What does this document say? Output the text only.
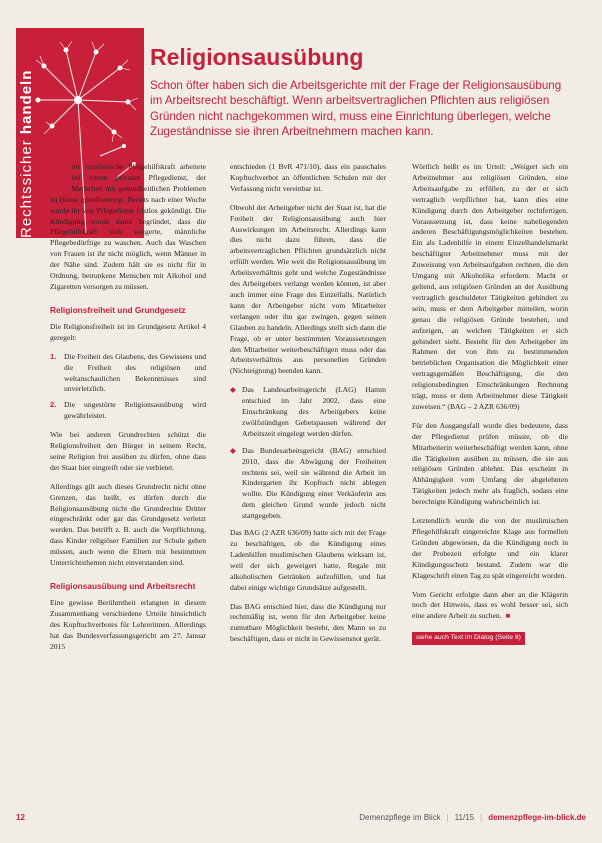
Rechtssicher handeln
Religionsausübung

Schon öfter haben sich die Arbeitsgerichte mit der Frage der Religionsausübung im Arbeitsrecht beschäftigt. Wenn arbeitsvertraglichen Pflichten aus religiösen Gründen nicht nachgekommen wird, muss eine Einrichtung überlegen, welche Zugeständnisse sie ihren Arbeitnehmern machen kann.

Eine muslimische Pflegehilfskraft arbeitete bei einem privaten Pflegedienst, der Menschen mit gesundheitlichen Problemen zu Hause grundversorgt. Bereits nach einer Woche wurde ihr von Pflegedienst fristlos gekündigt. Die Kündigung wurde damit begründet, dass die Pflegehilfskraft sich weigerte, männliche Pflegebedürftige zu waschen. Auch das Waschen von Frauen ist ihr nicht möglich, wenn Männer in der Nähe sind. Zudem hält sie es nicht für in Ordnung, betrunkene Menschen mit Alkohol und Zigaretten versorgen zu müssen.

Religionsfreiheit und Grundgesetz

Die Religionsfreiheit ist im Grundgesetz Artikel 4 geregelt:

1.	Die Freiheit des Glaubens, des Gewissens und die Freiheit des religiösen und weltanschaulichen Bekenntnisses sind unverletzlich.
2.	Die ungestörte Religionsausübung wird gewährleistet.

Wie bei anderen Grundrechten schützt die Religionsfreiheit den Bürger in seinem Recht, seine Religion frei ausüben zu dürfen, ohne dass der Staat hier eingreift oder sie verbietet.

Allerdings gilt auch dieses Grundrecht nicht ohne Grenzen, das heißt, es dürfen durch die Religionsausübung nicht die Grundrechte Dritter eingeschränkt oder gar das Grundgesetz verletzt werden. Das betrifft z. B. auch die Verpflichtung, dass Kinder religiöser Familien zur Schule gehen müssen, auch wenn die Eltern mit bestimmten Unterrichtsthemen nicht einverstanden sind.

Religionsausübung und Arbeitsrecht

Eine gewisse Berühmtheit erlangten in diesem Zusammenhang verschiedene Urteile hinsichtlich des Kopftuchverbotes für Lehrerinnen. Allerdings hat das Bundesverfassungsgericht am 27. Januar 2015

entschieden (1 BvR 471/10), dass ein pauschales Kopftuchverbot an öffentlichen Schulen mit der Verfassung nicht vereinbar ist.

Obwohl der Arbeitgeber nicht der Staat ist, hat die Freiheit der Religionsausübung auch hier Auswirkungen im Arbeitsrecht. Allerdings kann dies nicht dazu führen, dass die arbeitsvertraglichen Pflichten grundsätzlich nicht erfüllt werden. Wie weit die Religionsausübung im Arbeitsverhältnis geht und welche Zugeständnisse des Arbeitgebers verlangt werden können, ist aber auch immer eine Frage des Einzelfalls. Natürlich kann der Arbeitgeber nicht vom Mitarbeiter verlangen oder ihn gar zwingen, gegen seinen Glauben zu handeln. Allerdings stellt sich dann die Frage, ob er unter bestimmten Voraussetzungen den Mitarbeiter weiterbeschäftigen muss oder das Arbeitsverhältnis aus personellen Gründen (Nichteignung) beenden kann.

◆ Das Landesarbeitsgericht (LAG) Hamm entschied im Jahr 2002, dass eine Einschränkung des Arbeitgebers keine zwölfstündigen Gebetspausen während der Arbeitszeit eingelegt werden dürfen.
◆ Das Bundesarbeitsgericht (BAG) entschied 2010, dass die Abwägung der Freiheiten rechtens sei, weil sie während die Arbeit im Kindergarten ihr Kopftuch nicht ablegen wollte. Die Kündigung einer Verkäuferin aus dem gleichen Grund wurde jedoch nicht stattgegeben.

Das BAG (2 AZR 636/09) hatte sich mit der Frage zu beschäftigen, ob die Kündigung eines Ladenhilfen muslimischen Glaubens wirksam ist, weil der sich geweigert hatte, Regale mit alkoholischen Getränken aufzufüllen, und hat dabei einige wichtige Grundsätze aufgestellt.

Das BAG entschied hier, dass die Kündigung nur rechtmäßig ist, wenn für den Arbeitgeber keine zumutbare Möglichkeit besteht, den Mann so zu beschäftigen, dass er nicht in Gewissensnot gerät.

Wörtlich heißt es im Urteil: „Weigert sich ein Arbeitnehmer aus religiösen Gründen, eine Arbeitsaufgabe zu erfüllen, zu der er sich vertraglich verpflichtet hat, kann dies eine Kündigung durch den Arbeitgeber rechtfertigen. Voraussetzung ist, dass keine naheliegenden anderen Beschäftigungsmöglichkeiten bestehen. Ein als Ladenhilfe in einem Einzelhandelsmarkt beschäftigter Arbeitnehmer muss mit der Zuweisung von Arbeitsaufgaben rechnen, die den Umgang mit Alkoholika erfordern. Macht er geltend, aus religiösen Gründen an der Ausübung vertraglich geschuldeter Tätigkeiten gehindert zu sein, muss er dem Arbeitgeber mitteilen, worin genau die religiösen Gründe bestehen, und aufzeigen, an welchen Tätigkeiten er sich gehindert sieht. Besteht für den Arbeitgeber im Rahmen der von ihm zu bestimmenden betrieblichen Organisation die Möglichkeit einer vertragsgemäßen Beschäftigung, die den religionsbedingten Einschränkungen Rechnung trägt, muss er dem Arbeitnehmer diese Tätigkeit zuweisen.“ (BAG – 2 AZR 636/09)

Für den Ausgangsfall wurde dies bedeutete, dass der Pflegedienst prüfen müsste, ob die Mitarbeiterin weiterbeschäftigt werden kann, ohne die Tätigkeiten ausüben zu müssen, die sie aus religiösen Gründen ablehnt. Das erscheint in Abhängigkeit vom Umfang der abgelehnten Tätigkeiten jedoch mehr als fraglich, sodass eine berechtigte Kündigung wahrscheinlich ist.

Letztendlich wurde die von der muslimischen Pflegehilfskraft eingereichte Klage aus formellen Gründen abgewiesen, da die Kündigung noch in der Probezeit erfolgte und ein klarer Kündigungsschutz bestand. Zudem war die Klageschrift einen Tag zu spät eingereicht worden.

Vom Gericht erfolgte dann aber an die Klägerin noch der Hinweis, dass es wohl besser sei, sich eine andere Arbeit zu suchen. ■

siehe auch Text im Dialog (Seite 8)
12	Demenzpflege im Blick | 11/15 | demenzpflege-im-blick.de
